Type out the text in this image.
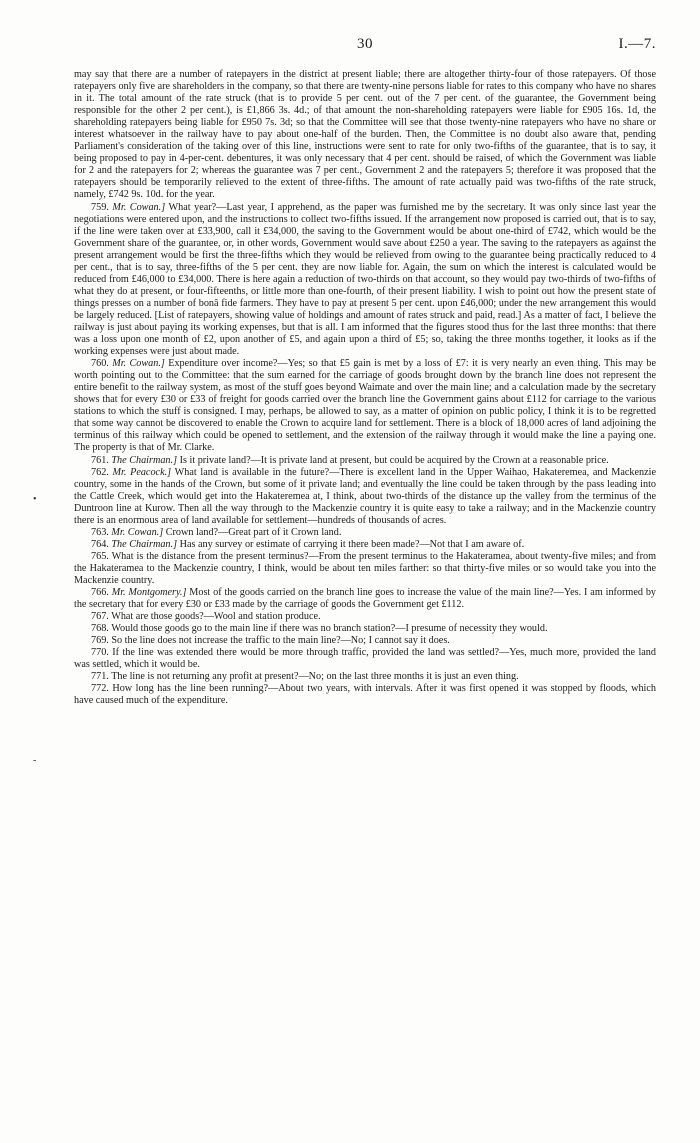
30	I.—7.
•
-

may say that there are a number of ratepayers in the district at present liable; there are altogether thirty-four of those ratepayers. Of those ratepayers only five are shareholders in the company, so that there are twenty-nine persons liable for rates to this company who have no shares in it. The total amount of the rate struck (that is to provide 5 per cent. out of the 7 per cent. of the guarantee, the Government being responsible for the other 2 per cent.), is £1,866 3s. 4d.; of that amount the non-shareholding ratepayers were liable for £905 16s. 1d, the shareholding ratepayers being liable for £950 7s. 3d; so that the Committee will see that those twenty-nine ratepayers who have no share or interest whatsoever in the railway have to pay about one-half of the burden. Then, the Committee is no doubt also aware that, pending Parliament's consideration of the taking over of this line, instructions were sent to rate for only two-fifths of the guarantee, that is to say, it being proposed to pay in 4-per-cent. debentures, it was only necessary that 4 per cent. should be raised, of which the Government was liable for 2 and the ratepayers for 2; whereas the guarantee was 7 per cent., Government 2 and the ratepayers 5; therefore it was proposed that the ratepayers should be temporarily relieved to the extent of three-fifths. The amount of rate actually paid was two-fifths of the rate struck, namely, £742 9s. 10d. for the year.

759. Mr. Cowan.] What year?—Last year, I apprehend, as the paper was furnished me by the secretary. It was only since last year the negotiations were entered upon, and the instructions to collect two-fifths issued. If the arrangement now proposed is carried out, that is to say, if the line were taken over at £33,900, call it £34,000, the saving to the Government would be about one-third of £742, which would be the Government share of the guarantee, or, in other words, Government would save about £250 a year. The saving to the ratepayers as against the present arrangement would be first the three-fifths which they would be relieved from owing to the guarantee being practically reduced to 4 per cent., that is to say, three-fifths of the 5 per cent. they are now liable for. Again, the sum on which the interest is calculated would be reduced from £46,000 to £34,000. There is here again a reduction of two-thirds on that account, so they would pay two-thirds of two-fifths of what they do at present, or four-fifteenths, or little more than one-fourth, of their present liability. I wish to point out how the present state of things presses on a number of bonâ fide farmers. They have to pay at present 5 per cent. upon £46,000; under the new arrangement this would be largely reduced. [List of ratepayers, showing value of holdings and amount of rates struck and paid, read.] As a matter of fact, I believe the railway is just about paying its working expenses, but that is all. I am informed that the figures stood thus for the last three months: that there was a loss upon one month of £2, upon another of £5, and again upon a third of £5; so, taking the three months together, it looks as if the working expenses were just about made.

760. Mr. Cowan.] Expenditure over income?—Yes; so that £5 gain is met by a loss of £7: it is very nearly an even thing. This may be worth pointing out to the Committee: that the sum earned for the carriage of goods brought down by the branch line does not represent the entire benefit to the railway system, as most of the stuff goes beyond Waimate and over the main line; and a calculation made by the secretary shows that for every £30 or £33 of freight for goods carried over the branch line the Government gains about £112 for carriage to the various stations to which the stuff is consigned. I may, perhaps, be allowed to say, as a matter of opinion on public policy, I think it is to be regretted that some way cannot be discovered to enable the Crown to acquire land for settlement. There is a block of 18,000 acres of land adjoining the terminus of this railway which could be opened to settlement, and the extension of the railway through it would make the line a paying one. The property is that of Mr. Clarke.

761. The Chairman.] Is it private land?—It is private land at present, but could be acquired by the Crown at a reasonable price.

762. Mr. Peacock.] What land is available in the future?—There is excellent land in the Upper Waihao, Hakateremea, and Mackenzie country, some in the hands of the Crown, but some of it private land; and eventually the line could be taken through by the pass leading into the Cattle Creek, which would get into the Hakateremea at, I think, about two-thirds of the distance up the valley from the terminus of the Duntroon line at Kurow. Then all the way through to the Mackenzie country it is quite easy to take a railway; and in the Mackenzie country there is an enormous area of land available for settlement—hundreds of thousands of acres.

763. Mr. Cowan.] Crown land?—Great part of it Crown land.

764. The Chairman.] Has any survey or estimate of carrying it there been made?—Not that I am aware of.

765. What is the distance from the present terminus?—From the present terminus to the Hakateramea, about twenty-five miles; and from the Hakateramea to the Mackenzie country, I think, would be about ten miles farther: so that thirty-five miles or so would take you into the Mackenzie country.

766. Mr. Montgomery.] Most of the goods carried on the branch line goes to increase the value of the main line?—Yes. I am informed by the secretary that for every £30 or £33 made by the carriage of goods the Government get £112.

767. What are those goods?—Wool and station produce.

768. Would those goods go to the main line if there was no branch station?—I presume of necessity they would.

769. So the line does not increase the traffic to the main line?—No; I cannot say it does.

770. If the line was extended there would be more through traffic, provided the land was settled?—Yes, much more, provided the land was settled, which it would be.

771. The line is not returning any profit at present?—No; on the last three months it is just an even thing.

772. How long has the line been running?—About two years, with intervals. After it was first opened it was stopped by floods, which have caused much of the expenditure.
